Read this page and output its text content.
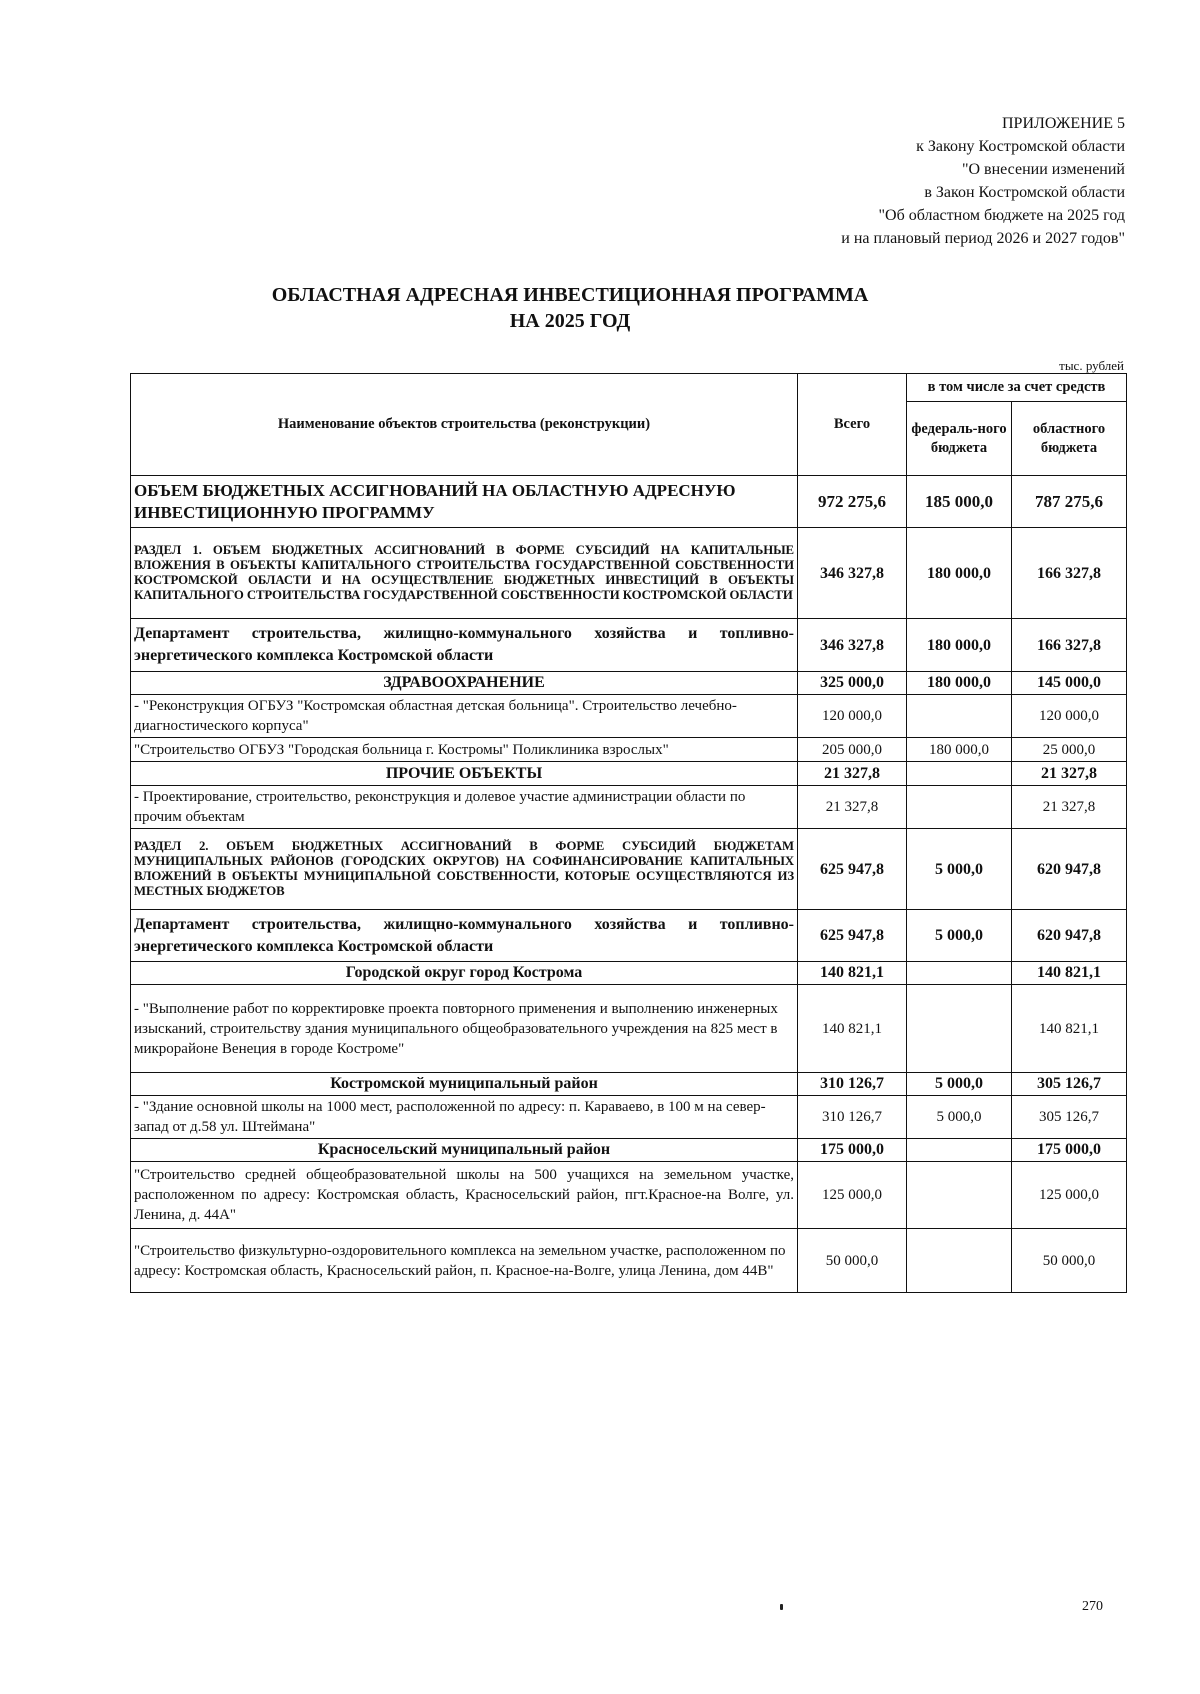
ПРИЛОЖЕНИЕ 5
к Закону Костромской области
"О внесении изменений
в Закон Костромской области
"Об областном бюджете на 2025 год
и на плановый период 2026 и 2027 годов"
ОБЛАСТНАЯ АДРЕСНАЯ ИНВЕСТИЦИОННАЯ ПРОГРАММА
НА 2025 ГОД
тыс. рублей
Наименование объектов строительства (реконструкции)	Всего	в том числе за счет средств	
		федераль-ного бюджета	областного бюджета
ОБЪЕМ БЮДЖЕТНЫХ АССИГНОВАНИЙ НА ОБЛАСТНУЮ АДРЕСНУЮ ИНВЕСТИЦИОННУЮ ПРОГРАММУ	972 275,6	185 000,0	787 275,6
РАЗДЕЛ 1. ОБЪЕМ БЮДЖЕТНЫХ АССИГНОВАНИЙ В ФОРМЕ СУБСИДИЙ НА КАПИТАЛЬНЫЕ ВЛОЖЕНИЯ В ОБЪЕКТЫ КАПИТАЛЬНОГО СТРОИТЕЛЬСТВА ГОСУДАРСТВЕННОЙ СОБСТВЕННОСТИ КОСТРОМСКОЙ ОБЛАСТИ И НА ОСУЩЕСТВЛЕНИЕ БЮДЖЕТНЫХ ИНВЕСТИЦИЙ В ОБЪЕКТЫ КАПИТАЛЬНОГО СТРОИТЕЛЬСТВА ГОСУДАРСТВЕННОЙ СОБСТВЕННОСТИ КОСТРОМСКОЙ ОБЛАСТИ	346 327,8	180 000,0	166 327,8
Департамент строительства, жилищно-коммунального хозяйства и топливно-энергетического комплекса Костромской области	346 327,8	180 000,0	166 327,8
ЗДРАВООХРАНЕНИЕ	325 000,0	180 000,0	145 000,0
- "Реконструкция ОГБУЗ "Костромская областная детская больница". Строительство лечебно-диагностического корпуса"	120 000,0		120 000,0
"Строительство ОГБУЗ "Городская больница г. Костромы" Поликлиника взрослых"	205 000,0	180 000,0	25 000,0
ПРОЧИЕ ОБЪЕКТЫ	21 327,8		21 327,8
- Проектирование, строительство, реконструкция и долевое участие администрации области по прочим объектам	21 327,8		21 327,8
РАЗДЕЛ 2. ОБЪЕМ БЮДЖЕТНЫХ АССИГНОВАНИЙ В ФОРМЕ СУБСИДИЙ БЮДЖЕТАМ МУНИЦИПАЛЬНЫХ РАЙОНОВ (ГОРОДСКИХ ОКРУГОВ) НА СОФИНАНСИРОВАНИЕ КАПИТАЛЬНЫХ ВЛОЖЕНИЙ В ОБЪЕКТЫ МУНИЦИПАЛЬНОЙ СОБСТВЕННОСТИ, КОТОРЫЕ ОСУЩЕСТВЛЯЮТСЯ ИЗ МЕСТНЫХ БЮДЖЕТОВ	625 947,8	5 000,0	620 947,8
Департамент строительства, жилищно-коммунального хозяйства и топливно-энергетического комплекса Костромской области	625 947,8	5 000,0	620 947,8
Городской округ город Кострома	140 821,1		140 821,1
- "Выполнение работ по корректировке проекта повторного применения и выполнению инженерных изысканий, строительству здания муниципального общеобразовательного учреждения на 825 мест в микрорайоне Венеция в городе Костроме"	140 821,1		140 821,1
Костромской муниципальный район	310 126,7	5 000,0	305 126,7
- "Здание основной школы на 1000 мест, расположенной по адресу: п. Караваево, в 100 м на север-запад от д.58 ул. Штеймана"	310 126,7	5 000,0	305 126,7
Красносельский муниципальный район	175 000,0		175 000,0
"Строительство средней общеобразовательной школы на 500 учащихся на земельном участке, расположенном по адресу: Костромская область, Красносельский район, пгт.Красное-на Волге, ул. Ленина, д. 44А"	125 000,0		125 000,0
"Строительство физкультурно-оздоровительного комплекса на земельном участке, расположенном по адресу: Костромская область, Красносельский район, п. Красное-на-Волге, улица Ленина, дом 44В"	50 000,0		50 000,0
270
